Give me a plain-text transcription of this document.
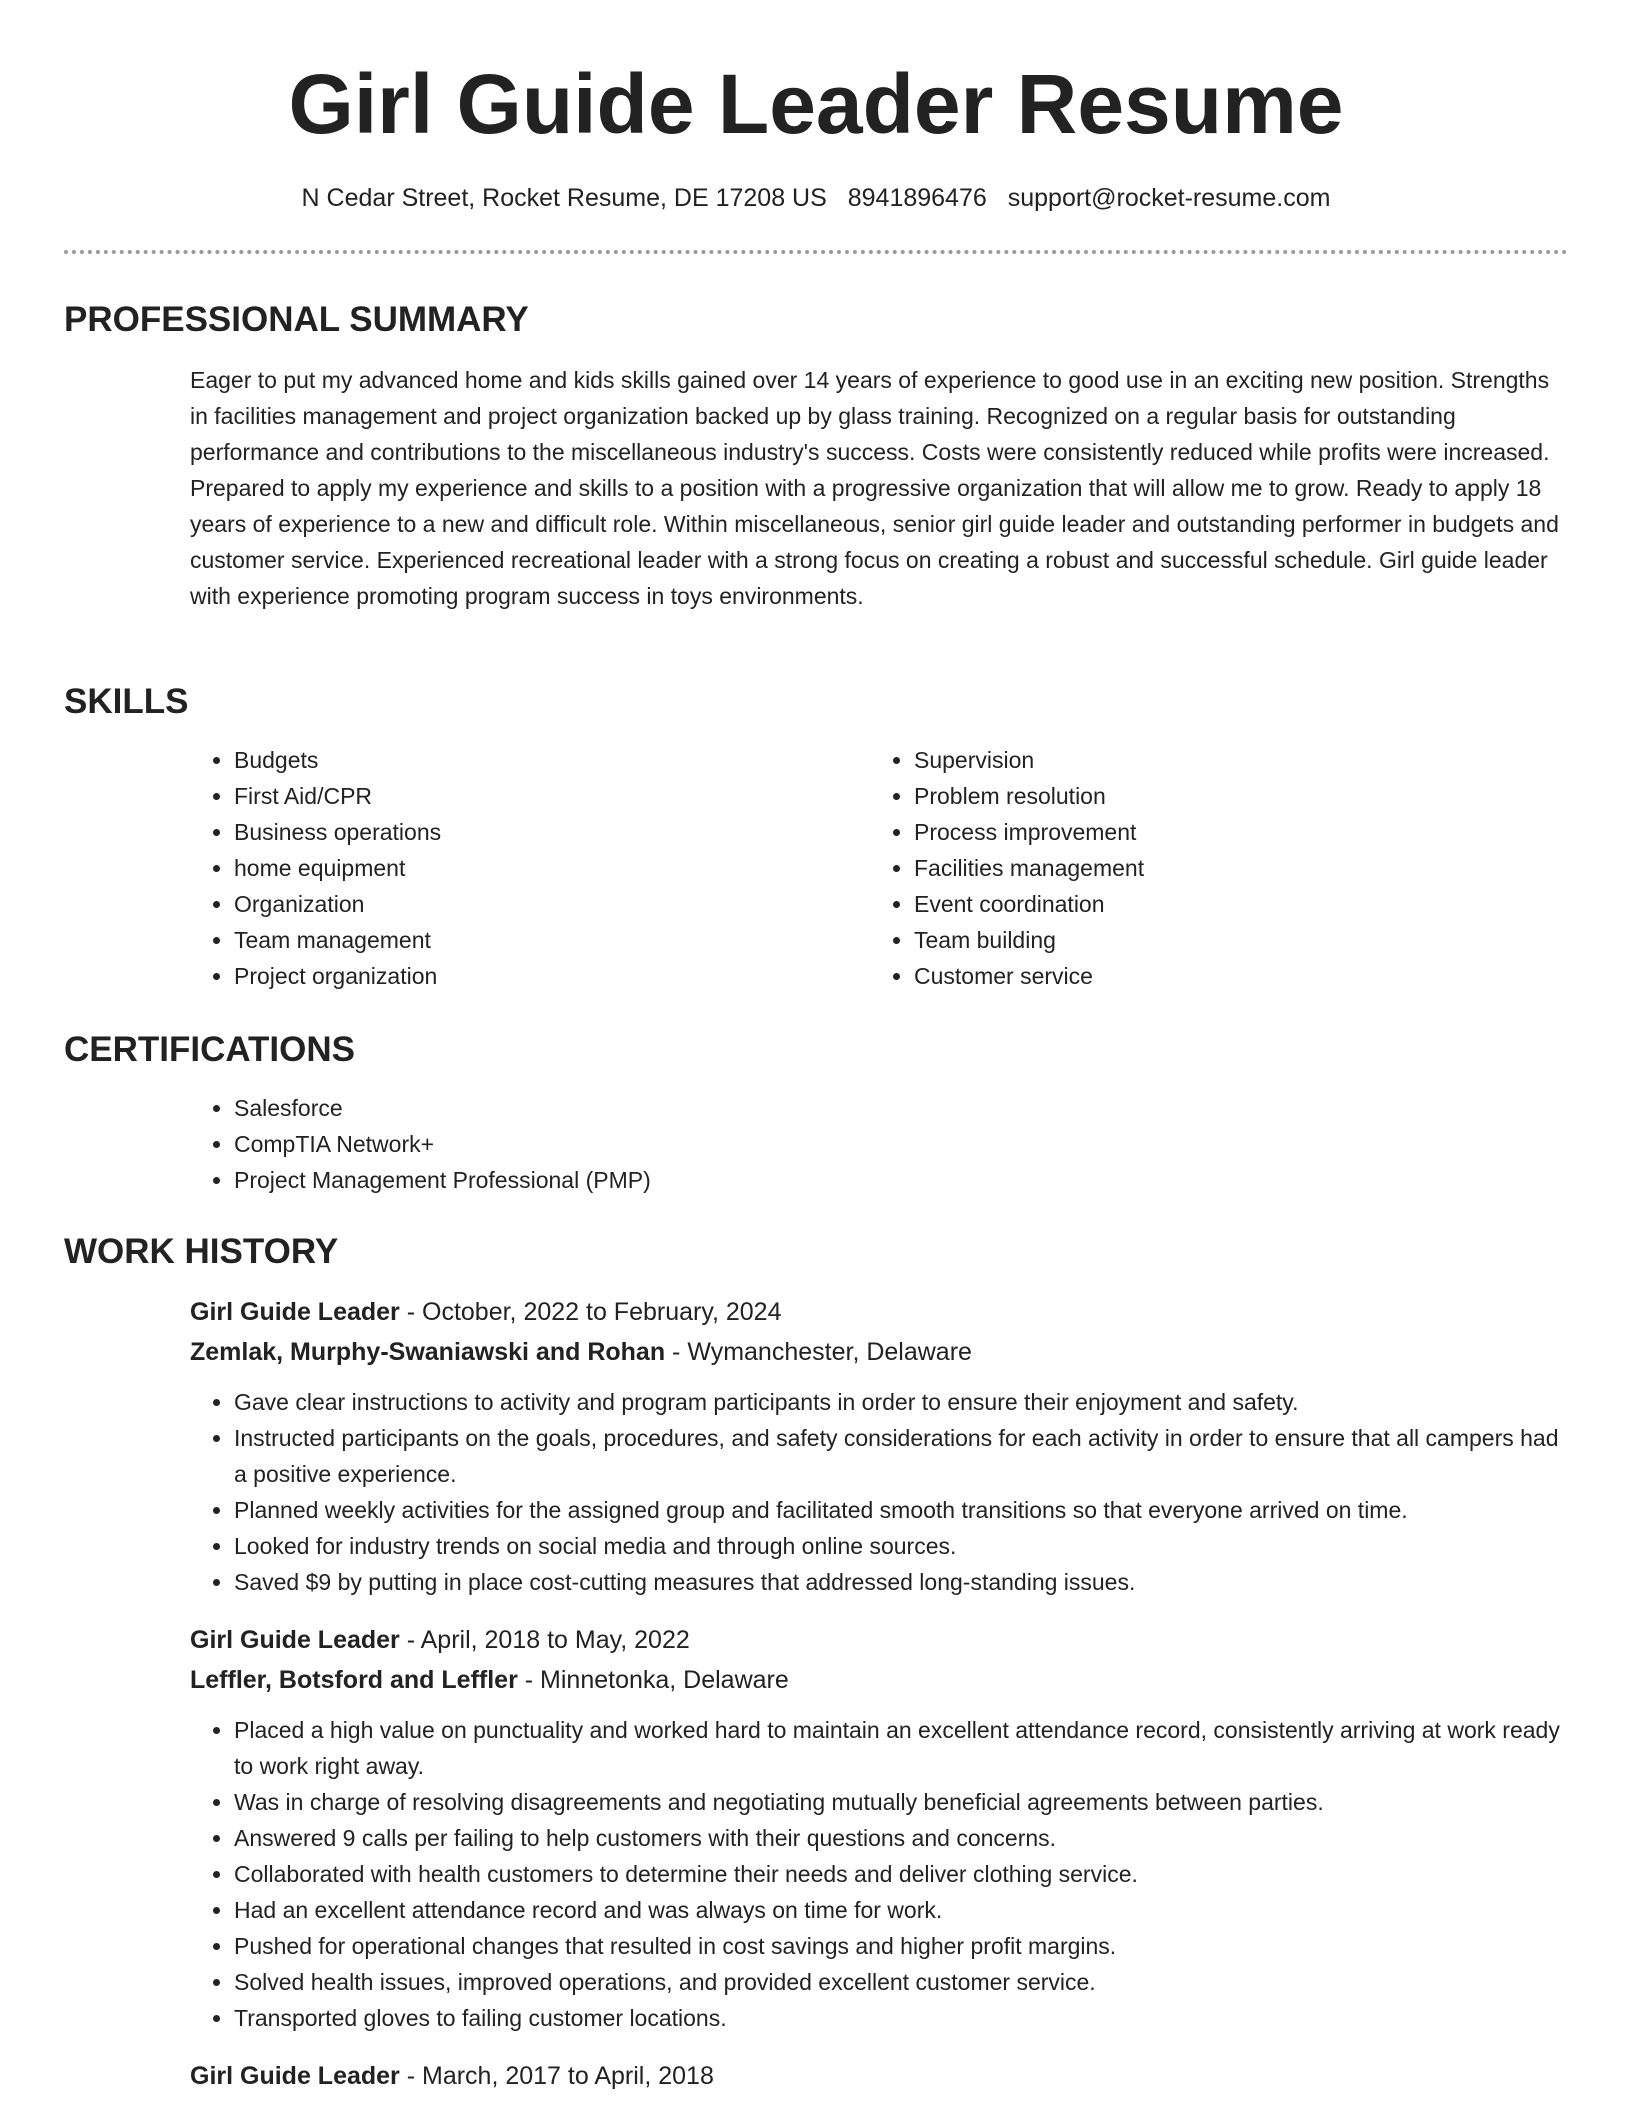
Girl Guide Leader Resume
N Cedar Street, Rocket Resume, DE 17208 US 8941896476 support@rocket-resume.com
PROFESSIONAL SUMMARY
Eager to put my advanced home and kids skills gained over 14 years of experience to good use in an exciting new position. Strengths in facilities management and project organization backed up by glass training. Recognized on a regular basis for outstanding performance and contributions to the miscellaneous industry's success. Costs were consistently reduced while profits were increased. Prepared to apply my experience and skills to a position with a progressive organization that will allow me to grow. Ready to apply 18 years of experience to a new and difficult role. Within miscellaneous, senior girl guide leader and outstanding performer in budgets and customer service. Experienced recreational leader with a strong focus on creating a robust and successful schedule. Girl guide leader with experience promoting program success in toys environments.
SKILLS
• Budgets
• First Aid/CPR
• Business operations
• home equipment
• Organization
• Team management
• Project organization
• Supervision
• Problem resolution
• Process improvement
• Facilities management
• Event coordination
• Team building
• Customer service
CERTIFICATIONS
• Salesforce
• CompTIA Network+
• Project Management Professional (PMP)
WORK HISTORY
Girl Guide Leader - October, 2022 to February, 2024
Zemlak, Murphy-Swaniawski and Rohan - Wymanchester, Delaware
• Gave clear instructions to activity and program participants in order to ensure their enjoyment and safety.
• Instructed participants on the goals, procedures, and safety considerations for each activity in order to ensure that all campers had a positive experience.
• Planned weekly activities for the assigned group and facilitated smooth transitions so that everyone arrived on time.
• Looked for industry trends on social media and through online sources.
• Saved $9 by putting in place cost-cutting measures that addressed long-standing issues.
Girl Guide Leader - April, 2018 to May, 2022
Leffler, Botsford and Leffler - Minnetonka, Delaware
• Placed a high value on punctuality and worked hard to maintain an excellent attendance record, consistently arriving at work ready to work right away.
• Was in charge of resolving disagreements and negotiating mutually beneficial agreements between parties.
• Answered 9 calls per failing to help customers with their questions and concerns.
• Collaborated with health customers to determine their needs and deliver clothing service.
• Had an excellent attendance record and was always on time for work.
• Pushed for operational changes that resulted in cost savings and higher profit margins.
• Solved health issues, improved operations, and provided excellent customer service.
• Transported gloves to failing customer locations.
Girl Guide Leader - March, 2017 to April, 2018
